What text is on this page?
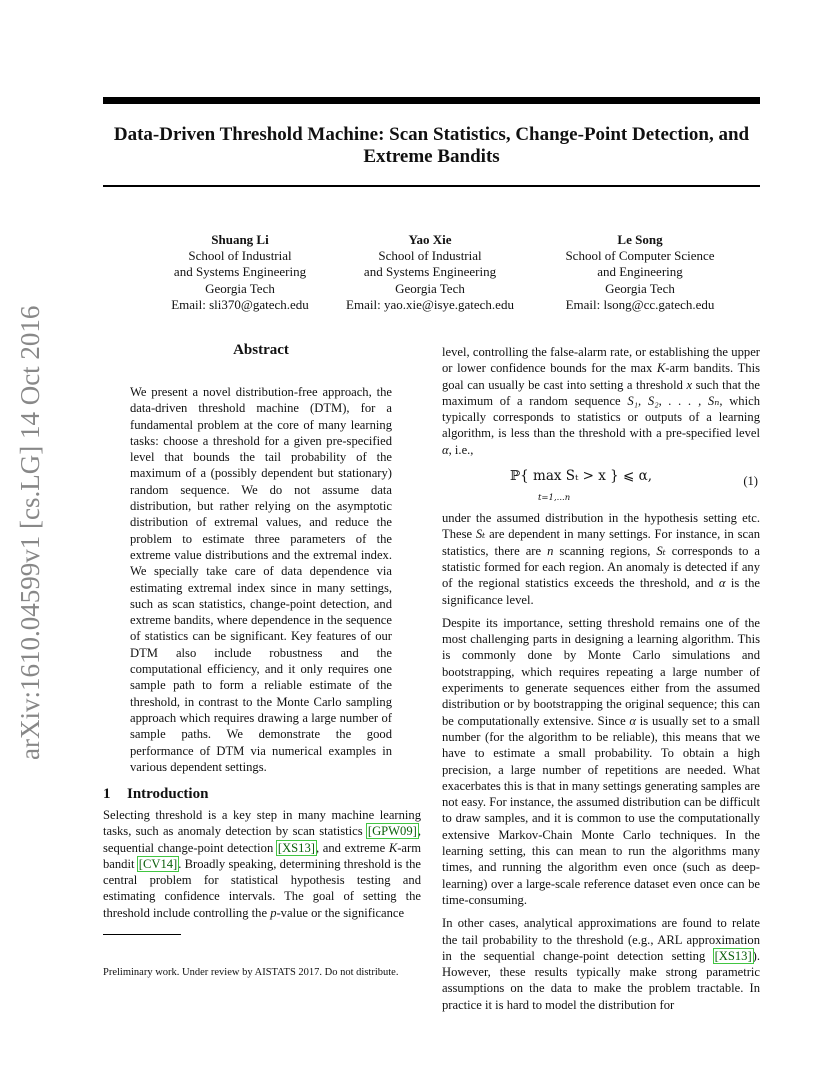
Data-Driven Threshold Machine: Scan Statistics, Change-Point Detection, and Extreme Bandits
arXiv:1610.04599v1 [cs.LG] 14 Oct 2016
Shuang Li
School of Industrial
and Systems Engineering
Georgia Tech
Email: sli370@gatech.edu
Yao Xie
School of Industrial
and Systems Engineering
Georgia Tech
Email: yao.xie@isye.gatech.edu
Le Song
School of Computer Science
and Engineering
Georgia Tech
Email: lsong@cc.gatech.edu
Abstract
We present a novel distribution-free approach, the data-driven threshold machine (DTM), for a fundamental problem at the core of many learning tasks: choose a threshold for a given pre-specified level that bounds the tail probability of the maximum of a (possibly dependent but stationary) random sequence. We do not assume data distribution, but rather relying on the asymptotic distribution of extremal values, and reduce the problem to estimate three parameters of the extreme value distributions and the extremal index. We specially take care of data dependence via estimating extremal index since in many settings, such as scan statistics, change-point detection, and extreme bandits, where dependence in the sequence of statistics can be significant. Key features of our DTM also include robustness and the computational efficiency, and it only requires one sample path to form a reliable estimate of the threshold, in contrast to the Monte Carlo sampling approach which requires drawing a large number of sample paths. We demonstrate the good performance of DTM via numerical examples in various dependent settings.
1 Introduction
Selecting threshold is a key step in many machine learning tasks, such as anomaly detection by scan statistics [GPW09], sequential change-point detection [XS13], and extreme K-arm bandit [CV14]. Broadly speaking, determining threshold is the central problem for statistical hypothesis testing and estimating confidence intervals. The goal of setting the threshold include controlling the p-value or the significance
Preliminary work. Under review by AISTATS 2017. Do not distribute.

level, controlling the false-alarm rate, or establishing the upper or lower confidence bounds for the max K-arm bandits. This goal can usually be cast into setting a threshold x such that the maximum of a random sequence S₁, S₂, . . . , Sₙ, which typically corresponds to statistics or outputs of a learning algorithm, is less than the threshold with a pre-specified level α, i.e.,

ℙ{ max Sₜ > x } ⩽ α,
t=1,...n
(1)

under the assumed distribution in the hypothesis setting etc. These Sₜ are dependent in many settings. For instance, in scan statistics, there are n scanning regions, Sₜ corresponds to a statistic formed for each region. An anomaly is detected if any of the regional statistics exceeds the threshold, and α is the significance level.

Despite its importance, setting threshold remains one of the most challenging parts in designing a learning algorithm. This is commonly done by Monte Carlo simulations and bootstrapping, which requires repeating a large number of experiments to generate sequences either from the assumed distribution or by bootstrapping the original sequence; this can be computationally extensive. Since α is usually set to a small number (for the algorithm to be reliable), this means that we have to estimate a small probability. To obtain a high precision, a large number of repetitions are needed. What exacerbates this is that in many settings generating samples are not easy. For instance, the assumed distribution can be difficult to draw samples, and it is common to use the computationally extensive Markov-Chain Monte Carlo techniques. In the learning setting, this can mean to run the algorithms many times, and running the algorithm even once (such as deep-learning) over a large-scale reference dataset even once can be time-consuming.

In other cases, analytical approximations are found to relate the tail probability to the threshold (e.g., ARL approximation in the sequential change-point detection setting [XS13]). However, these results typically make strong parametric assumptions on the data to make the problem tractable. In practice it is hard to model the distribution for
